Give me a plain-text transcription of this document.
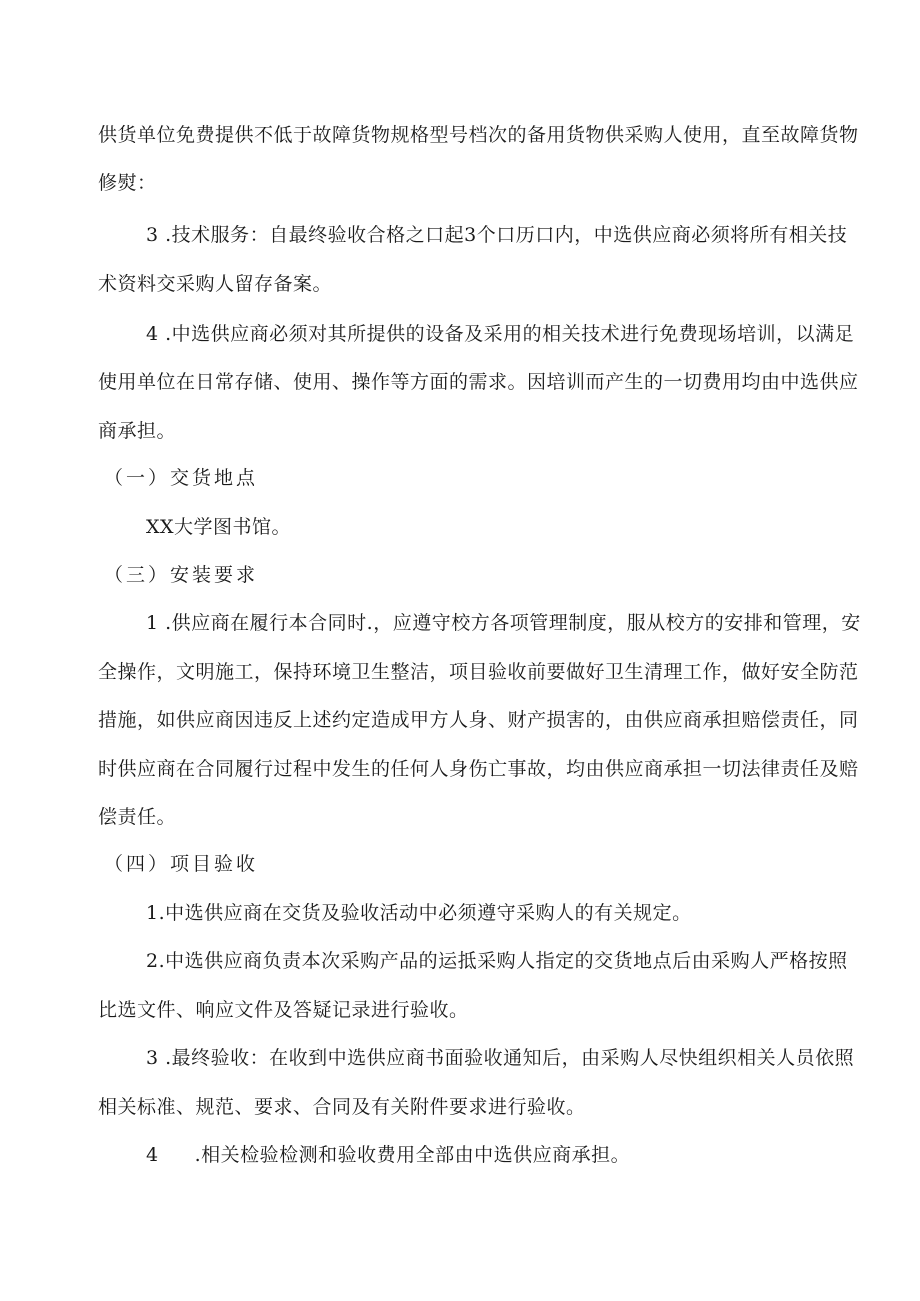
供货单位免费提供不低于故障货物规格型号档次的备用货物供采购人使用，直至故障货物
修熨：
3 .技术服务：自最终验收合格之口起3个口历口内，中选供应商必须将所有相关技
术资料交采购人留存备案。
4 .中选供应商必须对其所提供的设备及采用的相关技术进行免费现场培训，以满足
使用单位在日常存储、使用、操作等方面的需求。因培训而产生的一切费用均由中选供应
商承担。
（一）交货地点
XX大学图书馆。
（三）安装要求
1 .供应商在履行本合同时.，应遵守校方各项管理制度，服从校方的安排和管理，安
全操作，文明施工，保持环境卫生整洁，项目验收前要做好卫生清理工作，做好安全防范
措施，如供应商因违反上述约定造成甲方人身、财产损害的，由供应商承担赔偿责任，同
时供应商在合同履行过程中发生的任何人身伤亡事故，均由供应商承担一切法律责任及赔
偿责任。
（四）项目验收
1.中选供应商在交货及验收活动中必须遵守采购人的有关规定。
2.中选供应商负责本次采购产品的运抵采购人指定的交货地点后由采购人严格按照
比选文件、响应文件及答疑记录进行验收。
3 .最终验收：在收到中选供应商书面验收通知后，由采购人尽快组织相关人员依照
相关标准、规范、要求、合同及有关附件要求进行验收。
4 .相关检验检测和验收费用全部由中选供应商承担。
